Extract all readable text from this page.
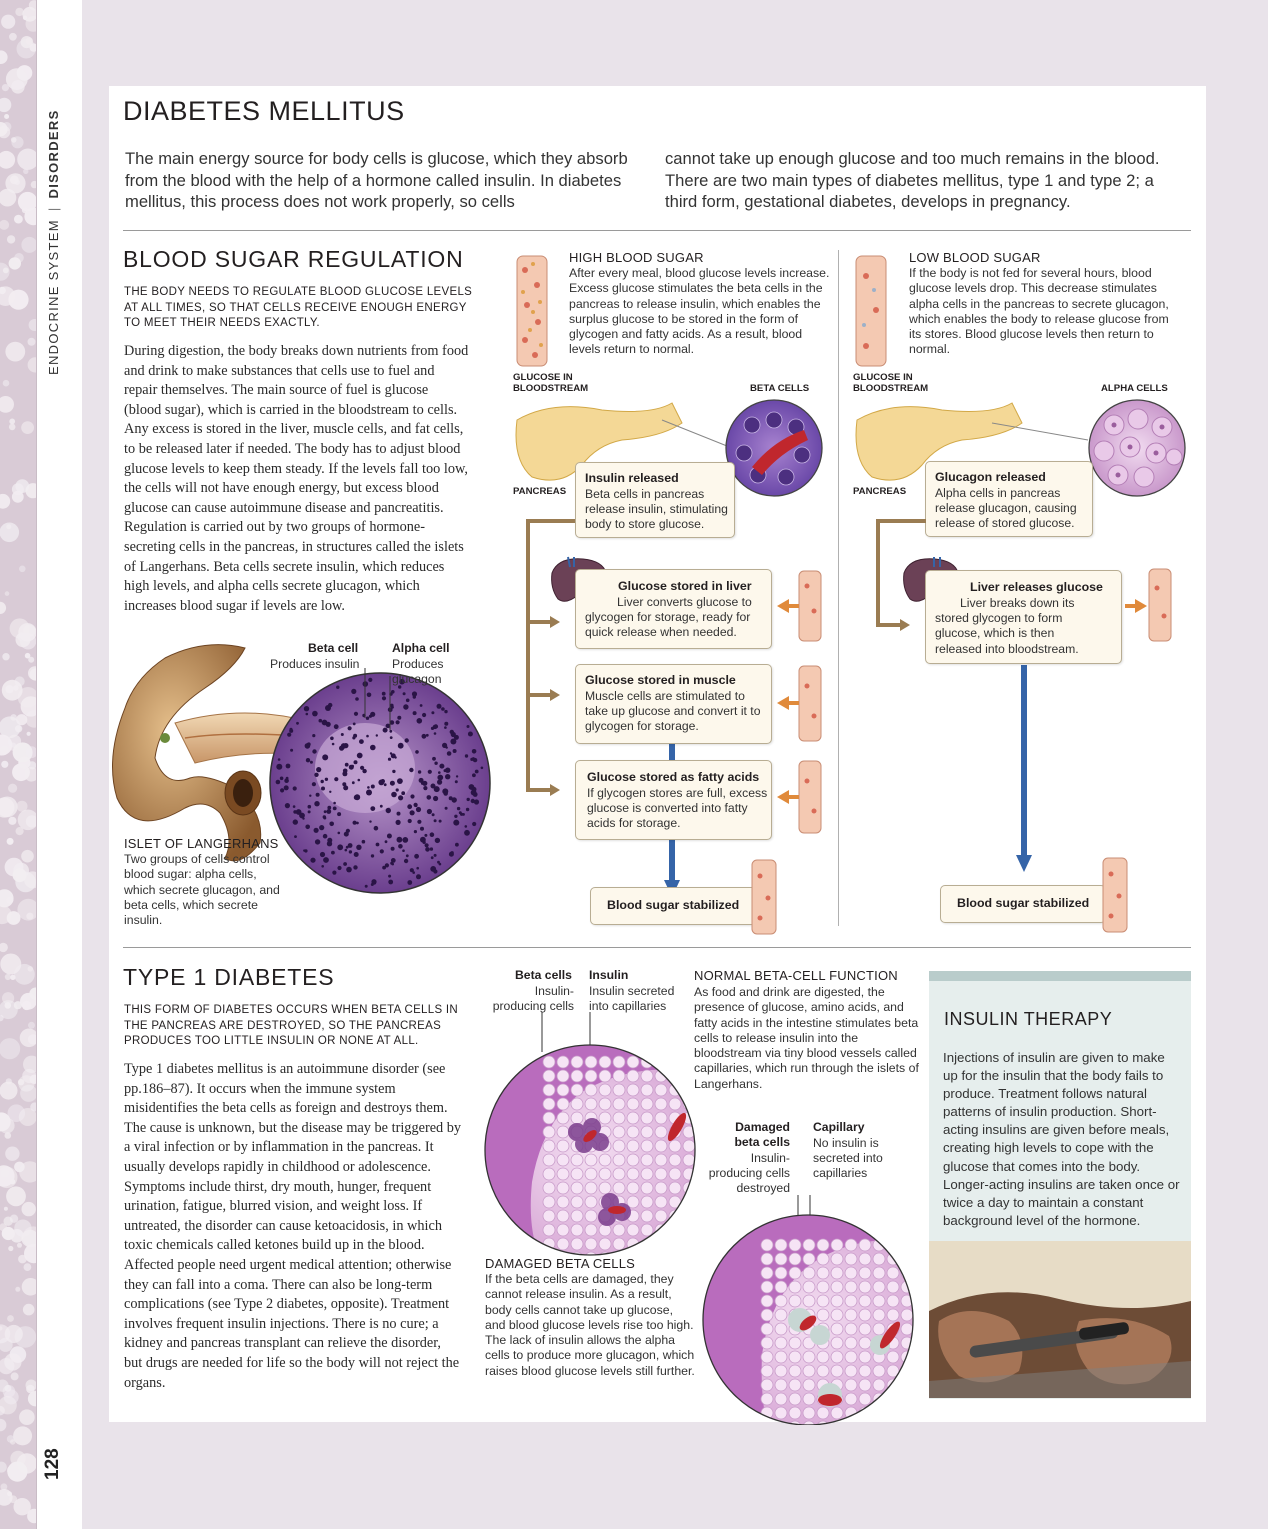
ENDOCRINE SYSTEM|DISORDERS
128
DIABETES MELLITUS
The main energy source for body cells is glucose, which they absorb from the blood with the help of a hormone called insulin. In diabetes mellitus, this process does not work properly, so cells
cannot take up enough glucose and too much remains in the blood. There are two main types of diabetes mellitus, type 1 and type 2; a third form, gestational diabetes, develops in pregnancy.
BLOOD SUGAR REGULATION
THE BODY NEEDS TO REGULATE BLOOD GLUCOSE LEVELS AT ALL TIMES, SO THAT CELLS RECEIVE ENOUGH ENERGY TO MEET THEIR NEEDS EXACTLY.
During digestion, the body breaks down nutrients from food and drink to make substances that cells use to fuel and repair themselves. The main source of fuel is glucose (blood sugar), which is carried in the bloodstream to cells. Any excess is stored in the liver, muscle cells, and fat cells, to be released later if needed. The body has to adjust blood glucose levels to keep them steady. If the levels fall too low, the cells will not have enough energy, but excess blood glucose can cause autoimmune disease and pancreatitis. Regulation is carried out by two groups of hormone-secreting cells in the pancreas, in structures called the islets of Langerhans. Beta cells secrete insulin, which reduces high levels, and alpha cells secrete glucagon, which increases blood sugar if levels are low.
Beta cell
Produces insulin
Alpha cell
Produces glucagon
ISLET OF LANGERHANS
Two groups of cells control blood sugar: alpha cells, which secrete glucagon, and beta cells, which secrete insulin.
HIGH BLOOD SUGAR
After every meal, blood glucose levels increase. Excess glucose stimulates the beta cells in the pancreas to release insulin, which enables the surplus glucose to be stored in the form of glycogen and fatty acids. As a result, blood levels return to normal.
GLUCOSE IN BLOODSTREAM	BETA CELLS
PANCREAS
Insulin released
Beta cells in pancreas release insulin, stimulating body to store glucose.
Glucose stored in liver
Liver converts glucose to glycogen for storage, ready for quick release when needed.
Glucose stored in muscle
Muscle cells are stimulated to take up glucose and convert it to glycogen for storage.
Glucose stored as fatty acids
If glycogen stores are full, excess glucose is converted into fatty acids for storage.
Blood sugar stabilized
LOW BLOOD SUGAR
If the body is not fed for several hours, blood glucose levels drop. This decrease stimulates alpha cells in the pancreas to secrete glucagon, which enables the body to release glucose from its stores. Blood glucose levels then return to normal.
GLUCOSE IN BLOODSTREAM	ALPHA CELLS
PANCREAS
Glucagon released
Alpha cells in pancreas release glucagon, causing release of stored glucose.
Liver releases glucose
Liver breaks down its stored glycogen to form glucose, which is then released into bloodstream.
Blood sugar stabilized
TYPE 1 DIABETES
THIS FORM OF DIABETES OCCURS WHEN BETA CELLS IN THE PANCREAS ARE DESTROYED, SO THE PANCREAS PRODUCES TOO LITTLE INSULIN OR NONE AT ALL.
Type 1 diabetes mellitus is an autoimmune disorder (see pp.186–87). It occurs when the immune system misidentifies the beta cells as foreign and destroys them. The cause is unknown, but the disease may be triggered by a viral infection or by inflammation in the pancreas. It usually develops rapidly in childhood or adolescence. Symptoms include thirst, dry mouth, hunger, frequent urination, fatigue, blurred vision, and weight loss. If untreated, the disorder can cause ketoacidosis, in which toxic chemicals called ketones build up in the blood. Affected people need urgent medical attention; otherwise they can fall into a coma. There can also be long-term complications (see Type 2 diabetes, opposite). Treatment involves frequent insulin injections. There is no cure; a kidney and pancreas transplant can relieve the disorder, but drugs are needed for life so the body will not reject the organs.
Beta cells
Insulin-producing cells
Insulin
Insulin secreted into capillaries
NORMAL BETA-CELL FUNCTION
As food and drink are digested, the presence of glucose, amino acids, and fatty acids in the intestine stimulates beta cells to release insulin into the bloodstream via tiny blood vessels called capillaries, which run through the islets of Langerhans.
Damaged beta cells
Insulin-producing cells destroyed
Capillary
No insulin is secreted into capillaries
DAMAGED BETA CELLS
If the beta cells are damaged, they cannot release insulin. As a result, body cells cannot take up glucose, and blood glucose levels rise too high. The lack of insulin allows the alpha cells to produce more glucagon, which raises blood glucose levels still further.
INSULIN THERAPY
Injections of insulin are given to make up for the insulin that the body fails to produce. Treatment follows natural patterns of insulin production. Short-acting insulins are given before meals, creating high levels to cope with the glucose that comes into the body. Longer-acting insulins are taken once or twice a day to maintain a constant background level of the hormone.
